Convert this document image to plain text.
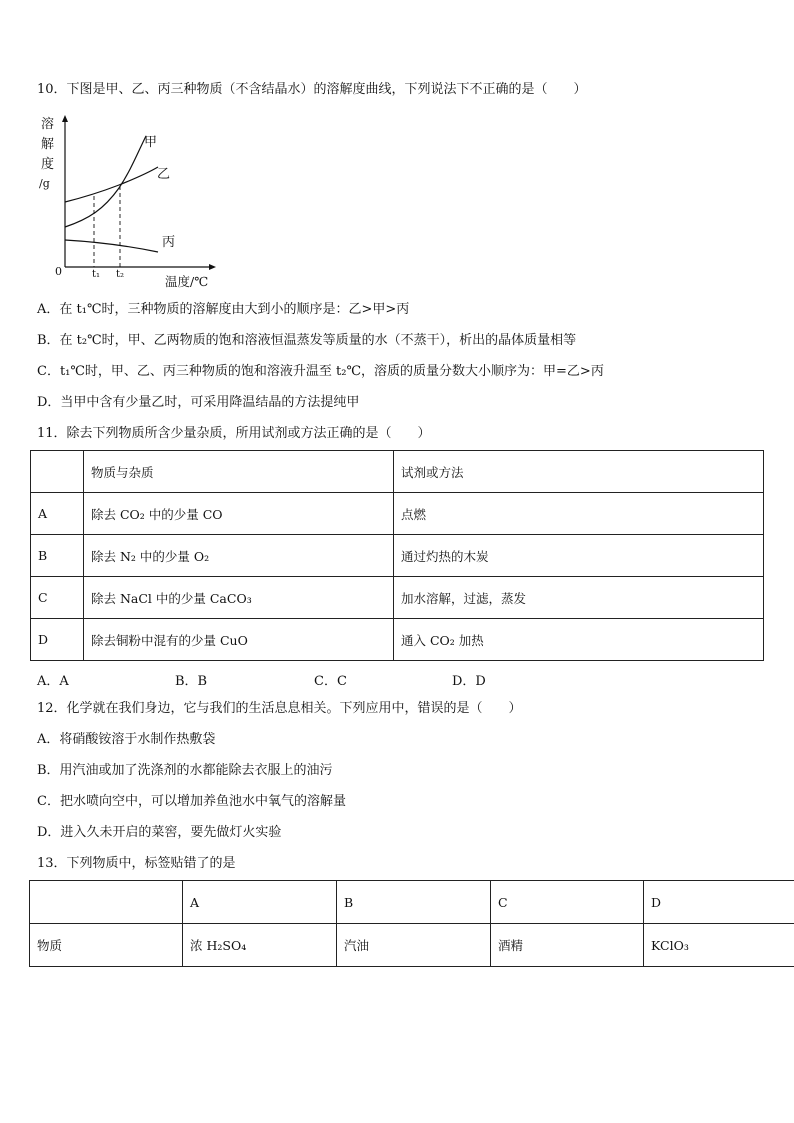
10．下图是甲、乙、丙三种物质（不含结晶水）的溶解度曲线，下列说法下不正确的是（　　）
溶
解
度
/g
0	t₁ t₂	温度/℃
甲
乙
丙
A．在 t₁℃时，三种物质的溶解度由大到小的顺序是：乙>甲>丙
B．在 t₂℃时，甲、乙两物质的饱和溶液恒温蒸发等质量的水（不蒸干），析出的晶体质量相等
C．t₁℃时，甲、乙、丙三种物质的饱和溶液升温至 t₂℃，溶质的质量分数大小顺序为：甲=乙>丙
D．当甲中含有少量乙时，可采用降温结晶的方法提纯甲
11．除去下列物质所含少量杂质，所用试剂或方法正确的是（　　）
	物质与杂质	试剂或方法
A	除去 CO₂ 中的少量 CO	点燃
B	除去 N₂ 中的少量 O₂	通过灼热的木炭
C	除去 NaCl 中的少量 CaCO₃	加水溶解，过滤，蒸发
D	除去铜粉中混有的少量 CuO	通入 CO₂ 加热
A．A	B．B	C．C	D．D
12．化学就在我们身边，它与我们的生活息息相关。下列应用中，错误的是（　　）
A．将硝酸铵溶于水制作热敷袋
B．用汽油或加了洗涤剂的水都能除去衣服上的油污
C．把水喷向空中，可以增加养鱼池水中氧气的溶解量
D．进入久未开启的菜窖，要先做灯火实验
13．下列物质中，标签贴错了的是
	A	B	C	D
物质	浓 H₂SO₄	汽油	酒精	KClO₃
